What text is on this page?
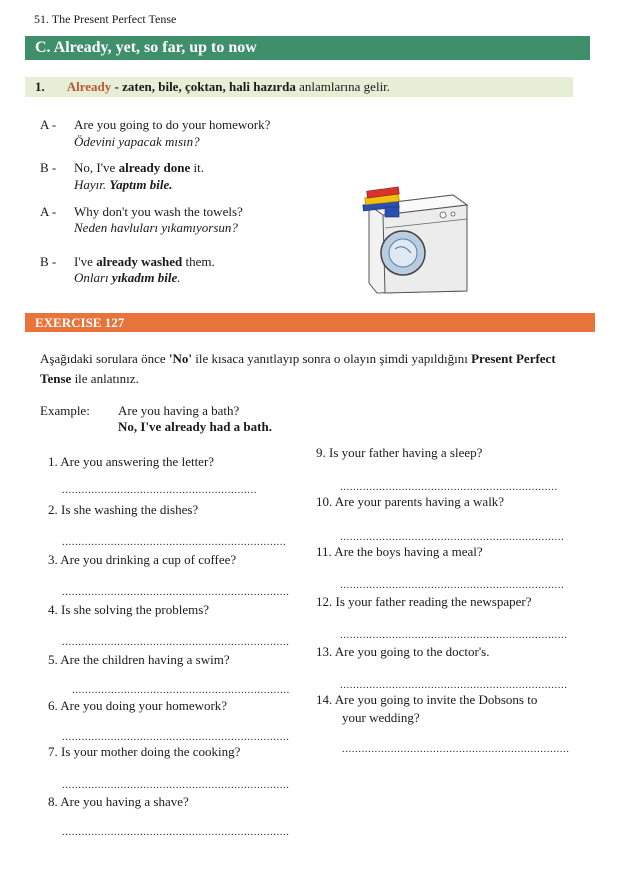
51. The Present Perfect Tense
C. Already, yet, so far, up to now
1. Already - zaten, bile, çoktan, hali hazırda anlamlarına gelir.
A - Are you going to do your homework?
Ödevini yapacak mısın?
B - No, I've already done it.
Hayır. Yaptım bile.
A - Why don't you wash the towels?
Neden havluları yıkamıyorsun?
B - I've already washed them.
Onları yıkadım bile.
EXERCISE 127
Aşağıdaki sorulara önce 'No' ile kısaca yanıtlayıp sonra o olayın şimdi yapıldığını Present Perfect Tense ile anlatınız.
Example: Are you having a bath?
No, I've already had a bath.
1. Are you answering the letter?
............................................................
2. Is she washing the dishes?
.....................................................................
3. Are you drinking a cup of coffee?
......................................................................
4. Is she solving the problems?
......................................................................
5. Are the children having a swim?
...................................................................
6. Are you doing your homework?
......................................................................
7. Is your mother doing the cooking?
......................................................................
8. Are you having a shave?
......................................................................
9. Is your father having a sleep?
...................................................................
10. Are your parents having a walk?
.....................................................................
11. Are the boys having a meal?
.....................................................................
12. Is your father reading the newspaper?
......................................................................
13. Are you going to the doctor's.
......................................................................
14. Are you going to invite the Dobsons to
your wedding?
......................................................................
